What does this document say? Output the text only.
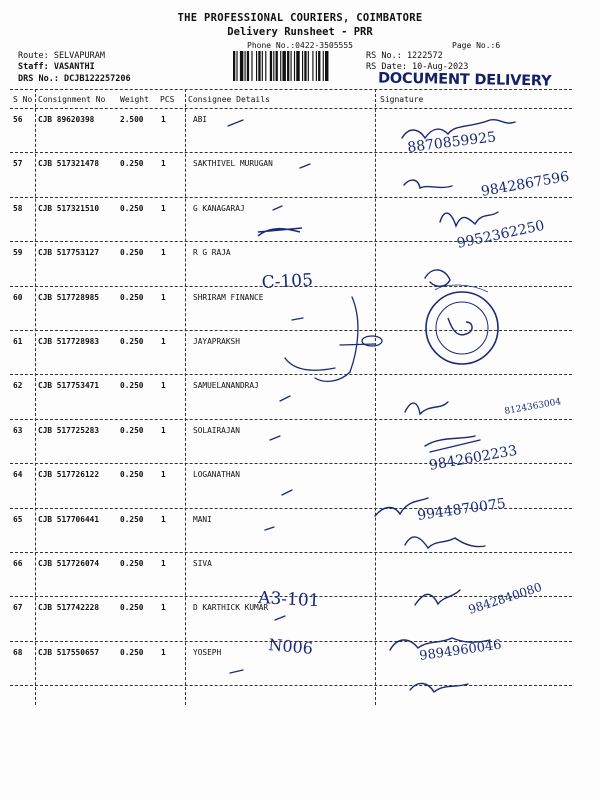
THE PROFESSIONAL COURIERS, COIMBATORE
Delivery Runsheet - PRR
Phone No.:0422-3505555	Page No.:6
Route: SELVAPURAM
Staff: VASANTHI
DRS No.: DCJB122257206
RS No.: 1222572
RS Date: 10-Aug-2023
DOCUMENT DELIVERY
S No Consignment No Weight PCS Consignee Details	Signature
56 CJB 89620398	2.500 1	ABI
57 CJB 517321478	0.250 1	SAKTHIVEL MURUGAN
58 CJB 517321510	0.250 1	G KANAGARAJ
59 CJB 517753127	0.250 1	R G RAJA
60 CJB 517728985	0.250 1	SHRIRAM FINANCE
61 CJB 517728983	0.250 1	JAYAPRAKSH
62 CJB 517753471	0.250 1	SAMUELANANDRAJ
63 CJB 517725283	0.250 1	SOLAIRAJAN
64 CJB 517726122	0.250 1	LOGANATHAN
65 CJB 517706441	0.250 1	MANI
66 CJB 517726074	0.250 1	SIVA
67 CJB 517742228	0.250 1	D KARTHICK KUMAR
68 CJB 517550657	0.250 1	YOSEPH
8870859925
9842867596
9952362250
C-105
8124363004
9842602233
9944870075
A3-101	9842840080
N006	9894960046
